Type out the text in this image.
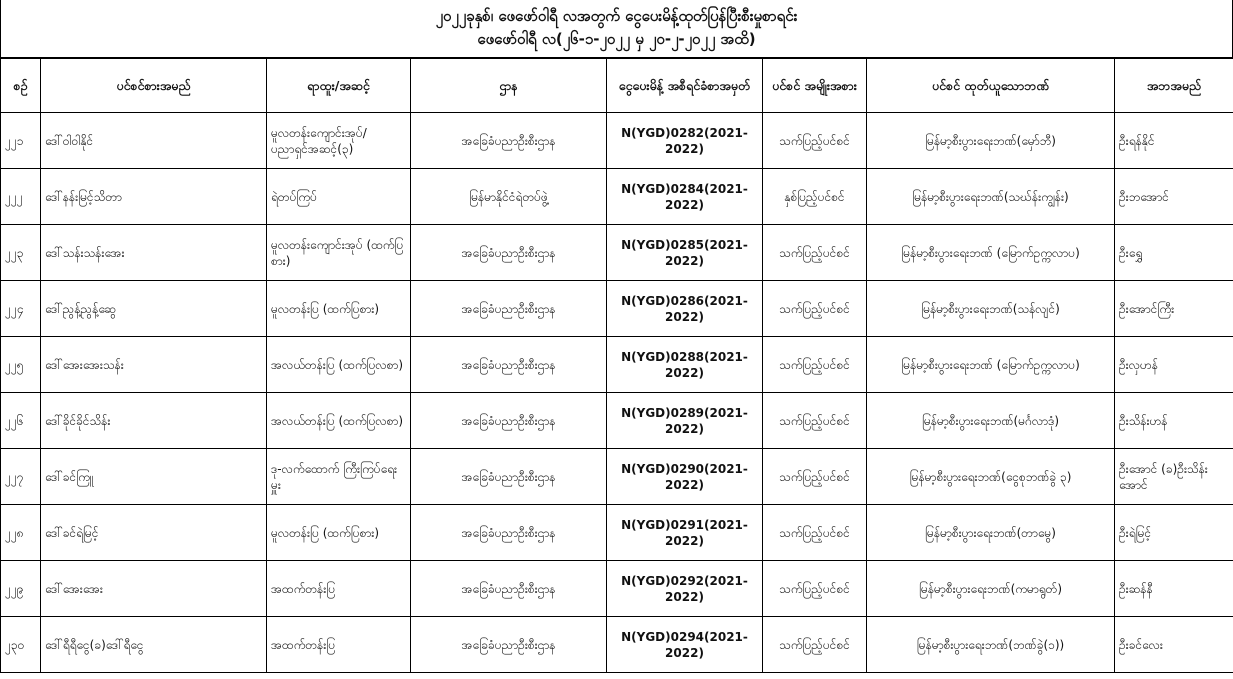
၂၀၂၂ခုနှစ်၊ ဖေဖော်ဝါရီ လအတွက် ငွေပေးမိန့်ထုတ်ပြန်ပြီးစီးမှုစာရင်း
ဖေဖော်ဝါရီ လ(၂၆-၁-၂၀၂၂ မှ ၂၀-၂-၂၀၂၂ အထိ)
စဉ်	ပင်စင်စားအမည်	ရာထူး/အဆင့်	ဌာန	ငွေပေးမိန့် အစီရင်ခံစာအမှတ်	ပင်စင် အမျိုးအစား	ပင်စင် ထုတ်ယူသောဘဏ်	အဘအမည်
၂၂၁	ဒေါ်ဝါဝါနိုင်	မူလတန်းကျောင်းအုပ်/ ပညာရှင်အဆင့်(၃)	အခြေခံပညာဦးစီးဌာန	N(YGD)0282(2021-2022)	သက်ပြည့်ပင်စင်	မြန်မာ့စီးပွားရေးဘဏ်(မှော်ဘီ)	ဦးရန်နိုင်
၂၂၂	ဒေါ်နန်းမြင့်သိတာ	ရဲတပ်ကြပ်	မြန်မာနိုင်ငံရဲတပ်ဖွဲ့	N(YGD)0284(2021-2022)	နှစ်ပြည့်ပင်စင်	မြန်မာ့စီးပွားရေးဘဏ်(သဃ်န်းကျွန်း)	ဦးဘအောင်
၂၂၃	ဒေါ်သန်းသန်းအေး	မူလတန်းကျောင်းအုပ် (ထက်ပြစား)	အခြေခံပညာဦးစီးဌာန	N(YGD)0285(2021-2022)	သက်ပြည့်ပင်စင်	မြန်မာ့စီးပွားရေးဘဏ် (မြောက်ဥက္ကလာပ)	ဦးရွှေ
၂၂၄	ဒေါ်ညွန့်ညွန့်ဆွေ	မူလတန်းပြ (ထက်ပြစား)	အခြေခံပညာဦးစီးဌာန	N(YGD)0286(2021-2022)	သက်ပြည့်ပင်စင်	မြန်မာ့စီးပွားရေးဘဏ်(သန်လျင်)	ဦးအောင်ကြီး
၂၂၅	ဒေါ်အေးအေးသန်း	အလယ်တန်းပြ (ထက်ပြလစာ)	အခြေခံပညာဦးစီးဌာန	N(YGD)0288(2021-2022)	သက်ပြည့်ပင်စင်	မြန်မာ့စီးပွားရေးဘဏ် (မြောက်ဥက္ကလာပ)	ဦးလှဟန်
၂၂၆	ဒေါ်ခိုင်ခိုင်သိန်း	အလယ်တန်းပြ (ထက်ပြလစာ)	အခြေခံပညာဦးစီးဌာန	N(YGD)0289(2021-2022)	သက်ပြည့်ပင်စင်	မြန်မာ့စီးပွားရေးဘဏ်(မင်္ဂလာဒုံ)	ဦးသိန်းဟန်
၂၂၇	ဒေါ်ခင်ကြူ	ဒု-လက်ထောက် ကြီးကြပ်ရေးမှူး	အခြေခံပညာဦးစီးဌာန	N(YGD)0290(2021-2022)	သက်ပြည့်ပင်စင်	မြန်မာ့စီးပွားရေးဘဏ်(ငွေစုဘဏ်ခွဲ ၃)	ဦးအောင် (ခ)ဦးသိန်းအောင်
၂၂၈	ဒေါ်ခင်ရဲမြင့်	မူလတန်းပြ (ထက်ပြစား)	အခြေခံပညာဦးစီးဌာန	N(YGD)0291(2021-2022)	သက်ပြည့်ပင်စင်	မြန်မာ့စီးပွားရေးဘဏ်(တာမွေ)	ဦးရဲမြင့်
၂၂၉	ဒေါ်အေးအေး	အထက်တန်းပြ	အခြေခံပညာဦးစီးဌာန	N(YGD)0292(2021-2022)	သက်ပြည့်ပင်စင်	မြန်မာ့စီးပွားရေးဘဏ်(ကမာရွတ်)	ဦးဆန်နီ
၂၃၀	ဒေါ်ရီရီငွေ(ခ)ဒေါ်ရီငွေ	အထက်တန်းပြ	အခြေခံပညာဦးစီးဌာန	N(YGD)0294(2021-2022)	သက်ပြည့်ပင်စင်	မြန်မာ့စီးပွားရေးဘဏ်(ဘဏ်ခွဲ(၁))	ဦးခင်လေး
